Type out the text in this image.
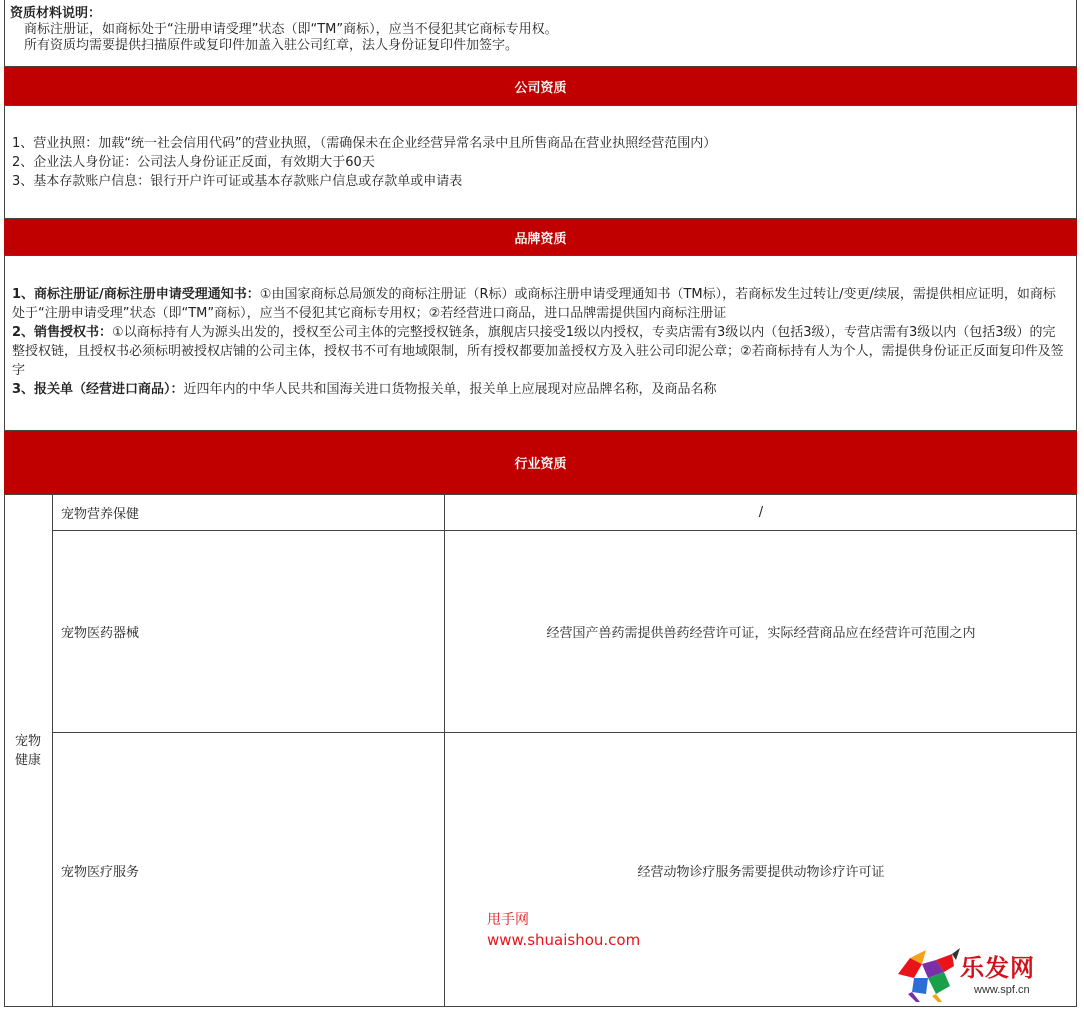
资质材料说明：
商标注册证，如商标处于“注册申请受理”状态（即“TM”商标），应当不侵犯其它商标专用权。
所有资质均需要提供扫描原件或复印件加盖入驻公司红章，法人身份证复印件加签字。
公司资质
1、营业执照：加载“统一社会信用代码”的营业执照，（需确保未在企业经营异常名录中且所售商品在营业执照经营范围内）
2、企业法人身份证：公司法人身份证正反面，有效期大于60天
3、基本存款账户信息：银行开户许可证或基本存款账户信息或存款单或申请表
品牌资质
1、商标注册证/商标注册申请受理通知书：①由国家商标总局颁发的商标注册证（R标）或商标注册申请受理通知书（TM标），若商标发生过转让/变更/续展，需提供相应证明，如商标处于“注册申请受理”状态（即“TM”商标），应当不侵犯其它商标专用权；②若经营进口商品，进口品牌需提供国内商标注册证
2、销售授权书：①以商标持有人为源头出发的，授权至公司主体的完整授权链条，旗舰店只接受1级以内授权，专卖店需有3级以内（包括3级），专营店需有3级以内（包括3级）的完整授权链，且授权书必须标明被授权店铺的公司主体，授权书不可有地域限制，所有授权都要加盖授权方及入驻公司印泥公章；②若商标持有人为个人，需提供身份证正反面复印件及签字
3、报关单（经营进口商品）：近四年内的中华人民共和国海关进口货物报关单，报关单上应展现对应品牌名称，及商品名称
行业资质
宠物健康
宠物营养保健	/
宠物医药器械	经营国产兽药需提供兽药经营许可证，实际经营商品应在经营许可范围之内
宠物医疗服务	经营动物诊疗服务需要提供动物诊疗许可证
甩手网
www.shuaishou.com
乐发网
www.spf.cn
